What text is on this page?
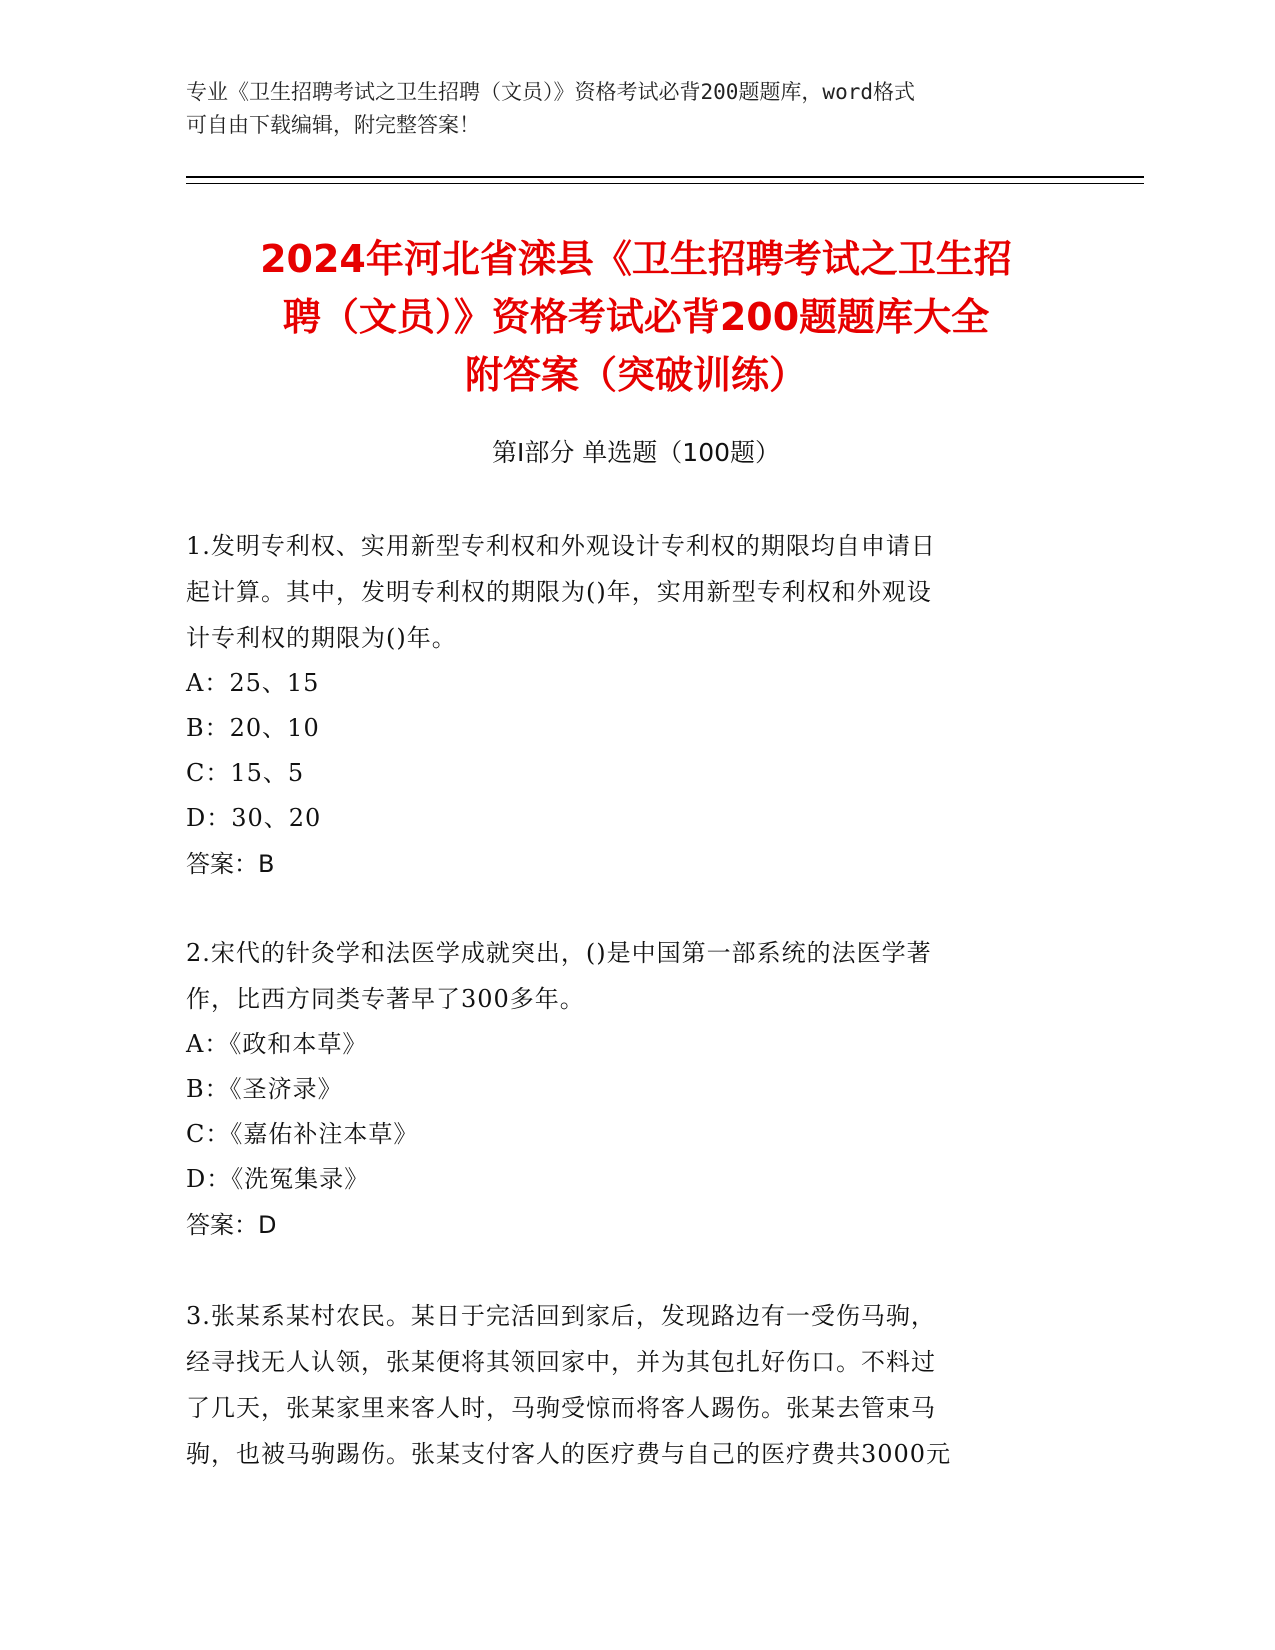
专业《卫生招聘考试之卫生招聘（文员）》资格考试必背200题题库，word格式
可自由下载编辑，附完整答案！
2024年河北省滦县《卫生招聘考试之卫生招
聘（文员）》资格考试必背200题题库大全
附答案（突破训练）
第Ⅰ部分 单选题（100题）
1.发明专利权、实用新型专利权和外观设计专利权的期限均自申请日
起计算。其中，发明专利权的期限为()年，实用新型专利权和外观设
计专利权的期限为()年。
A：25、15
B：20、10
C：15、5
D：30、20
答案：B
2.宋代的针灸学和法医学成就突出，()是中国第一部系统的法医学著
作，比西方同类专著早了300多年。
A：《政和本草》
B：《圣济录》
C：《嘉佑补注本草》
D：《洗冤集录》
答案：D
3.张某系某村农民。某日于完活回到家后，发现路边有一受伤马驹，
经寻找无人认领，张某便将其领回家中，并为其包扎好伤口。不料过
了几天，张某家里来客人时，马驹受惊而将客人踢伤。张某去管束马
驹，也被马驹踢伤。张某支付客人的医疗费与自己的医疗费共3000元
